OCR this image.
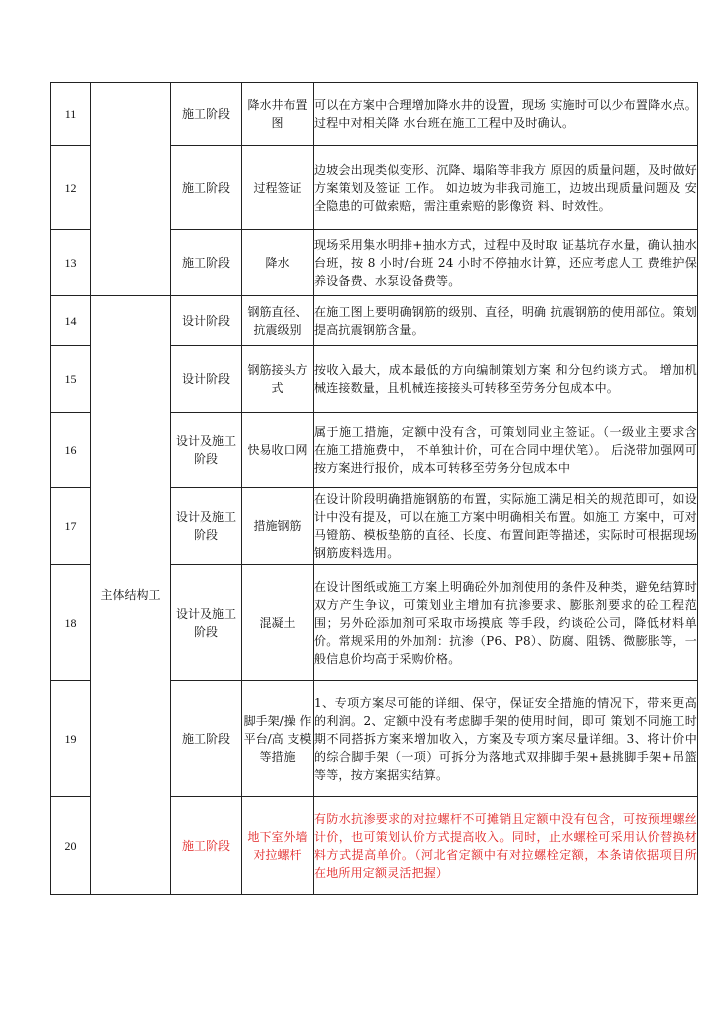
11		施工阶段	降水井布置图	可以在方案中合理增加降水井的设置，现场 实施时可以少布置降水点。过程中对相关降 水台班在施工工程中及时确认。
12		施工阶段	过程签证	边坡会出现类似变形、沉降、塌陷等非我方 原因的质量问题，及时做好方案策划及签证 工作。 如边坡为非我司施工，边坡出现质量问题及 安全隐患的可做索赔，需注重索赔的影像资 料、时效性。
13		施工阶段	降水	现场采用集水明排+抽水方式，过程中及时取 证基坑存水量，确认抽水台班，按 8 小时/台班 24 小时不停抽水计算，还应考虑人工 费维护保养设备费、水泵设备费等。
14	主体结构工	设计阶段	钢筋直径、抗震级别	在施工图上要明确钢筋的级别、直径，明确 抗震钢筋的使用部位。策划提高抗震钢筋含量。
15		设计阶段	钢筋接头方式	按收入最大，成本最低的方向编制策划方案 和分包约谈方式。 增加机械连接数量，且机械连接接头可转移至劳务分包成本中。
16		设计及施工 阶段	快易收口网	属于施工措施，定额中没有含，可策划同业主签证。（一级业主要求含在施工措施费中， 不单独计价，可在合同中埋伏笔）。 后浇带加强网可按方案进行报价，成本可转移至劳务分包成本中
17		设计及施工 阶段	措施钢筋	在设计阶段明确措施钢筋的布置，实际施工满足相关的规范即可，如设计中没有提及，可以在施工方案中明确相关布置。如施工 方案中，可对马镫筋、模板垫筋的直径、长度、布置间距等描述，实际时可根据现场钢筋废料选用。
18		设计及施工阶段	混凝土	在设计图纸或施工方案上明确砼外加剂使用的条件及种类，避免结算时双方产生争议，可策划业主增加有抗渗要求、膨胀剂要求的砼工程范围；另外砼添加剂可采取市场摸底 等手段，约谈砼公司，降低材料单价。常规采用的外加剂：抗渗（P6、P8）、防腐、阻锈、微膨胀等，一般信息价均高于采购价格。
19		施工阶段	脚手架/操 作平台/高 支模等措施	1、专项方案尽可能的详细、保守，保证安全措施的情况下，带来更高的利润。2、定额中没有考虑脚手架的使用时间，即可 策划不同施工时期不同搭拆方案来增加收入，方案及专项方案尽量详细。3、将计价中的综合脚手架（一项）可拆分为落地式双排脚手架+悬挑脚手架+吊篮等等，按方案据实结算。
20		施工阶段	地下室外墙对拉螺杆	有防水抗渗要求的对拉螺杆不可摊销且定额中没有包含，可按预埋螺丝计价，也可策划认价方式提高收入。同时，止水螺栓可采用认价替换材料方式提高单价。（河北省定额中有对拉螺栓定额，本条请依据项目所在地所用定额灵活把握）
